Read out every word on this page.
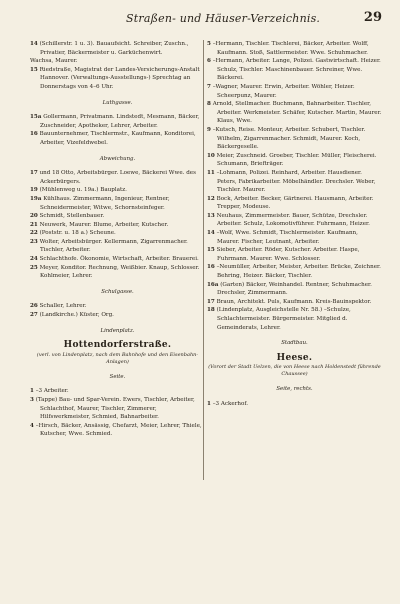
Straßen- und Häuser-Verzeichnis.	29

14 (Schillerstr. 1 u. 3). Bauaufsicht. Schreiber, Zuschn., Privatier, Bäckermeister u. Garküchenwirt.

Wachsa, Maurer.

15 Riedstraße, Magistrat der Landes-Versicherungs-Anstalt Hannover. (Verwaltungs-Ausstellungs-) Sprechtag an Donnerstags von 4–6 Uhr.

Luthgasse.

15a Gollermann, Privatmann. Lindstedt, Mesmann, Bäcker, Zuschneider, Apotheker, Lehrer, Arbeiter.

16 Bauunternehmer, Tischlermstr., Kaufmann, Konditorei, Arbeiter, Vizefeldwebel.

Abweichung.

17 und 18 Otto, Arbeitsbürger. Loewe, Bäckerei Wwe. des Ackerbürgers.

19 (Mühlenweg u. 19a.) Bauplatz.

19a Kühlhaus. Zimmermann, Ingenieur, Rentner, Schneidermeister, Witwe, Schornsteinfeger.

20 Schmidt, Stellenbauer.

21 Neuwerk, Maurer. Blume, Arbeiter, Kutscher.

22 (Poststr. u. 18 a.) Scheune.

23 Wolter, Arbeitsbürger. Kellermann, Zigarrenmacher. Tischler, Arbeiter.

24 Schlachthofe. Ökonomie, Wirtschaft, Arbeiter. Brauerei.

25 Meyer, Konditor. Rechnung, Weißbier. Knaup, Schlosser. Kohlmeier, Lehrer.

Schulgasse.

26 Schaller, Lehrer.

27 (Landkirche.) Küster, Org.

Lindenplatz.
Hottendorferstraße.
(verl. von Lindenplatz, nach dem Bahnhofe und den Eisenbahn-Anlagen)
Seite.

1 –3 Arbeiter.

3 (Tappe) Bau- und Spar-Verein. Ewers, Tischler, Arbeiter, Schlachthof, Maurer, Tischler, Zimmerer, Hilfswerkmeister, Schmied, Bahnarbeiter.

4 –Hirsch, Bäcker, Ansässig, Chefarzt, Meier, Lehrer, Thiele, Kutscher, Wwe. Schmied.

5 –Hermann, Tischler. Tischlerei, Bäcker, Arbeiter. Wolff, Kaufmann. Stoß, Sattlermeister. Wwe. Schuhmacher.

6 –Hermann, Arbeiter. Lange, Polizei. Gastwirtschaft. Heizer. Schulz, Tischler. Maschinenbauer. Schreiner, Wwe. Bäckerei.

7 –Wagner, Maurer. Erwin, Arbeiter. Wöhler, Heizer. Scheerpunz, Maurer.

8 Arnold, Stellmacher. Buchmann, Bahnarbeiter. Tischler, Arbeiter. Werkmeister. Schäfer, Kutscher. Martin, Maurer. Klaus, Wwe.

9 –Kutsch, Reise. Monteur, Arbeiter. Schubert, Tischler. Wilhelm, Zigarrenmacher. Schmidt, Maurer. Koch, Bäckergeselle.

10 Meier, Zuschneid. Groeber, Tischler. Müller, Fleischerei. Schumann, Briefträger.

11 –Lohmann, Polizei. Reinhard, Arbeiter. Hausdiener. Peters, Fabrikarbeiter. Möbelhändler. Drechsler. Weber, Tischler. Maurer.

12 Bock, Arbeiter. Becker, Gärtnerei. Hausmann, Arbeiter. Trepper, Modeuse.

13 Neuhaus, Zimmermeister. Bauer, Schütze, Drechsler. Arbeiter. Schulz, Lokomotivführer. Fuhrmann, Heizer.

14 –Wolf, Wwe. Schmidt, Tischlermeister. Kaufmann, Maurer. Fischer, Leutnant, Arbeiter.

15 Sieber, Arbeiter. Röder, Kutscher. Arbeiter. Haspe, Fuhrmann. Maurer. Wwe. Schlosser.

16 –Neumüller, Arbeiter, Meister, Arbeiter. Brücke, Zeichner. Behring, Heizer. Bäcker, Tischler.

16a (Garten) Bäcker, Weinhandel. Rentner, Schuhmacher. Drechsler, Zimmermann.

17 Braun, Architekt. Puls, Kaufmann. Kreis-Bauinspektor.

18 (Lindenplatz, Ausgleichstelle Nr. 58.) –Schulze, Schlachtermeister. Bürgermeister. Mitglied d. Gemeinderats, Lehrer.

Stadtbau.
Heese.
(Vorort der Stadt Uelzen, die von Heese nach Holdenstedt führende Chaussee)
Seite, rechts.

1 –3 Ackerhof.
